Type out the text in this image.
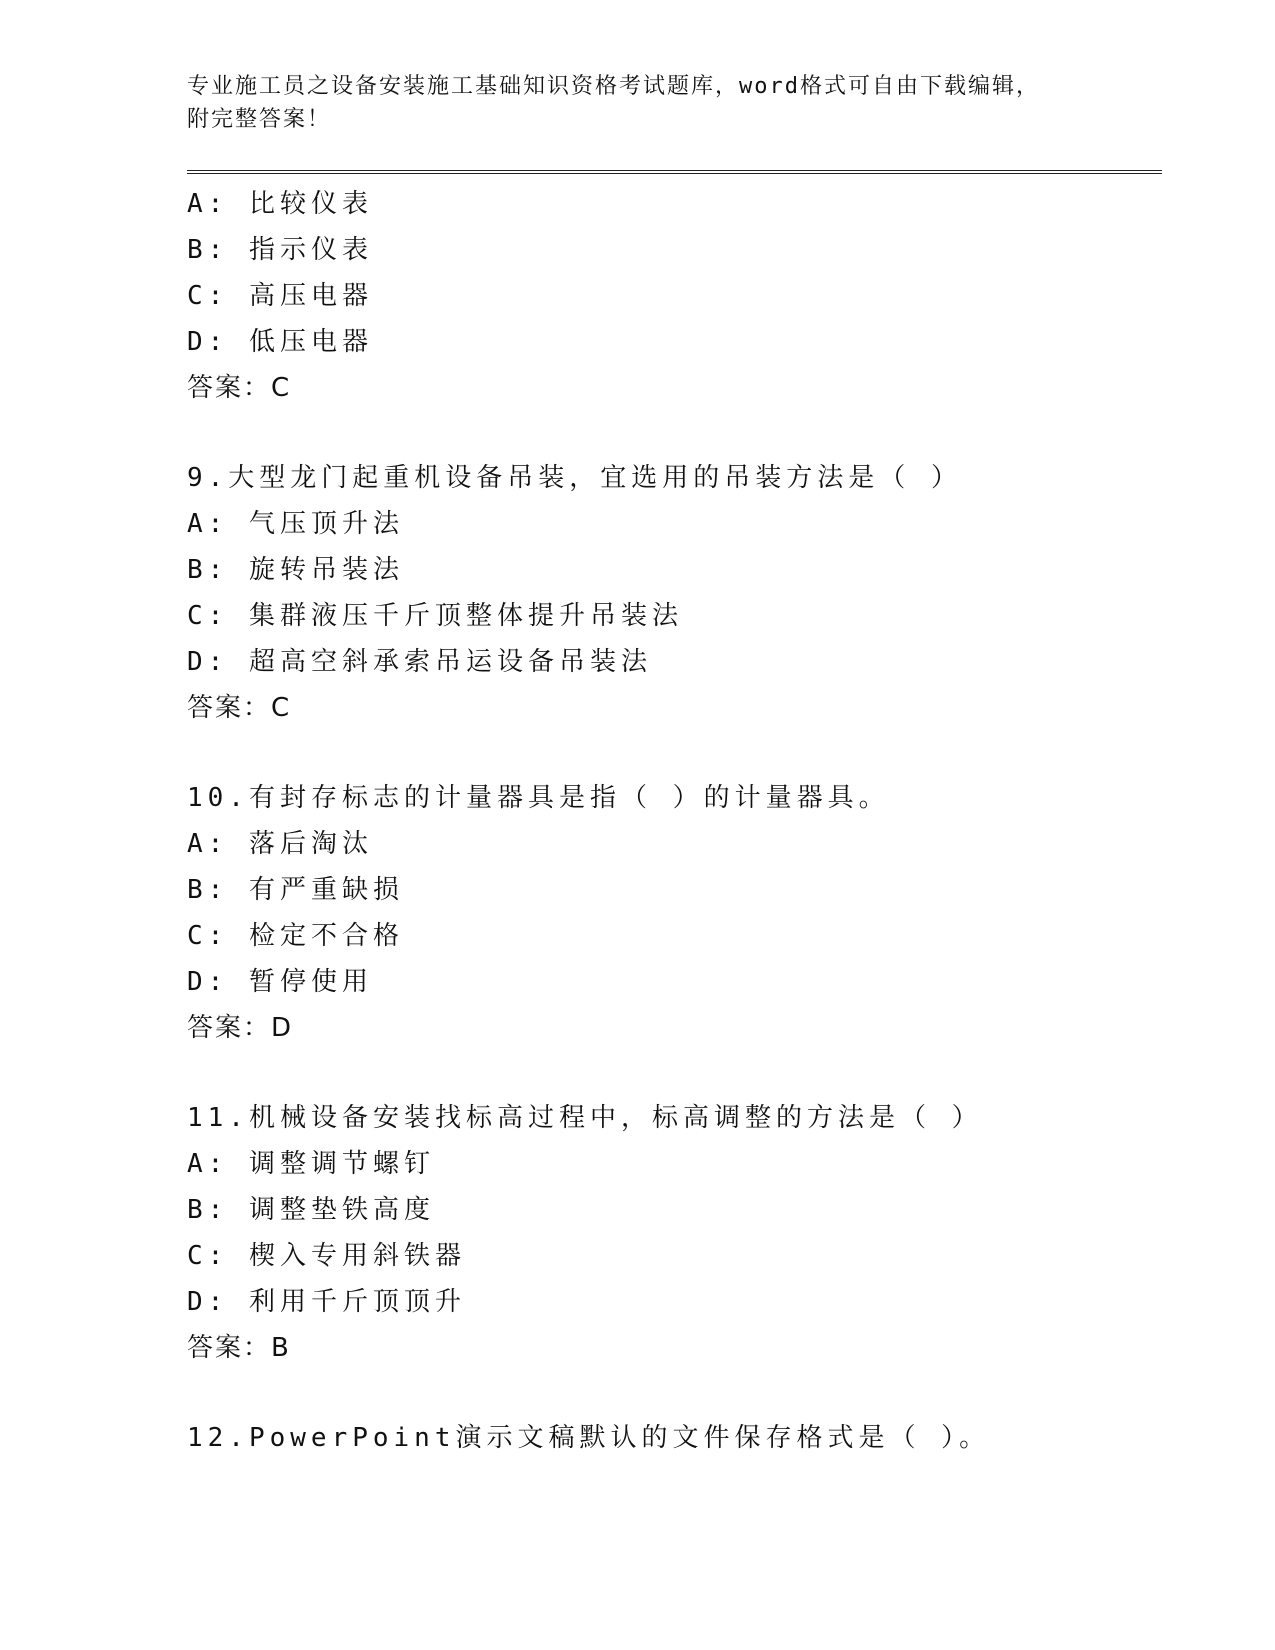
专业施工员之设备安装施工基础知识资格考试题库，word格式可自由下载编辑，
附完整答案！
A: 比较仪表
B: 指示仪表
C: 高压电器
D: 低压电器
答案：C
9.大型龙门起重机设备吊装，宜选用的吊装方法是（ ）
A: 气压顶升法
B: 旋转吊装法
C: 集群液压千斤顶整体提升吊装法
D: 超高空斜承索吊运设备吊装法
答案：C
10.有封存标志的计量器具是指（ ）的计量器具。
A: 落后淘汰
B: 有严重缺损
C: 检定不合格
D: 暂停使用
答案：D
11.机械设备安装找标高过程中，标高调整的方法是（ ）
A: 调整调节螺钉
B: 调整垫铁高度
C: 楔入专用斜铁器
D: 利用千斤顶顶升
答案：B
12.PowerPoint演示文稿默认的文件保存格式是（ ）。
